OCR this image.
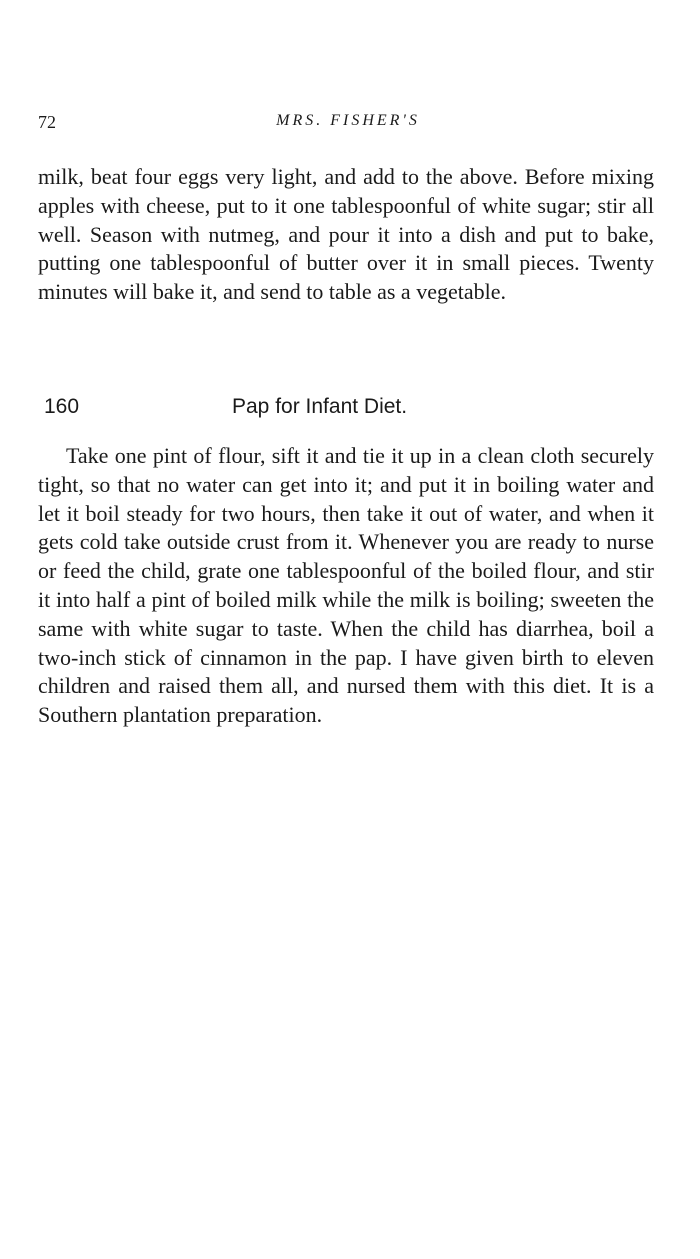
72	MRS. FISHER'S

milk, beat four eggs very light, and add to the above. Before mixing apples with cheese, put to it one tablespoonful of white sugar; stir all well. Season with nutmeg, and pour it into a dish and put to bake, putting one tablespoonful of butter over it in small pieces. Twenty minutes will bake it, and send to table as a vegetable.

160	Pap for Infant Diet.

Take one pint of flour, sift it and tie it up in a clean cloth securely tight, so that no water can get into it; and put it in boiling water and let it boil steady for two hours, then take it out of water, and when it gets cold take outside crust from it. Whenever you are ready to nurse or feed the child, grate one tablespoonful of the boiled flour, and stir it into half a pint of boiled milk while the milk is boiling; sweeten the same with white sugar to taste. When the child has diarrhea, boil a two-inch stick of cinnamon in the pap. I have given birth to eleven children and raised them all, and nursed them with this diet. It is a Southern plantation preparation.
